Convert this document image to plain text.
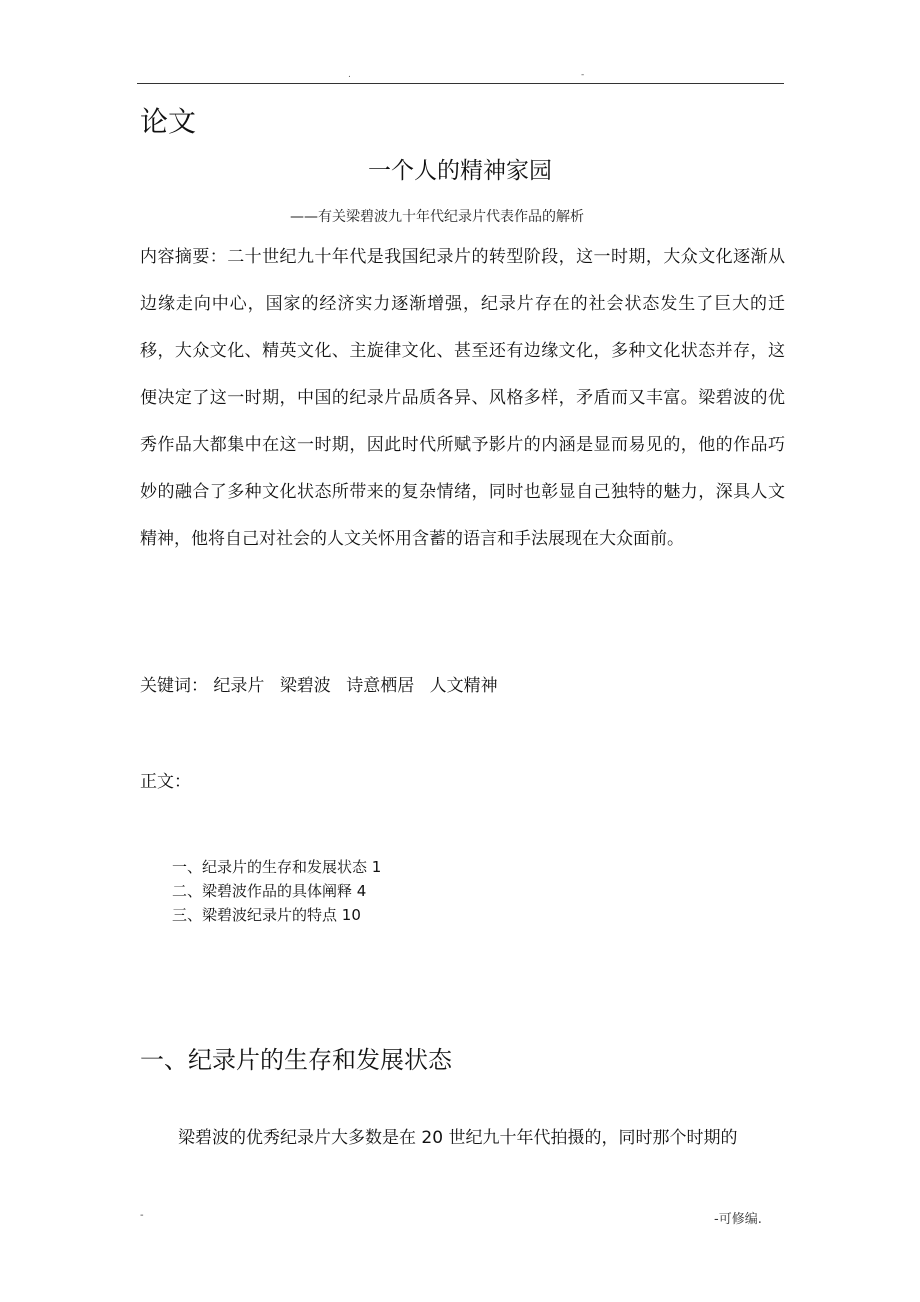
.	-
论文
一个人的精神家园
——有关梁碧波九十年代纪录片代表作品的解析

内容摘要：二十世纪九十年代是我国纪录片的转型阶段，这一时期，大众文化逐渐从边缘走向中心，国家的经济实力逐渐增强，纪录片存在的社会状态发生了巨大的迁移，大众文化、精英文化、主旋律文化、甚至还有边缘文化，多种文化状态并存，这便决定了这一时期，中国的纪录片品质各异、风格多样，矛盾而又丰富。梁碧波的优秀作品大都集中在这一时期，因此时代所赋予影片的内涵是显而易见的，他的作品巧妙的融合了多种文化状态所带来的复杂情绪，同时也彰显自己独特的魅力，深具人文精神，他将自己对社会的人文关怀用含蓄的语言和手法展现在大众面前。

关键词： 纪录片 梁碧波 诗意栖居 人文精神
正文：
一、纪录片的生存和发展状态 1
二、梁碧波作品的具体阐释 4
三、梁碧波纪录片的特点 10
一、纪录片的生存和发展状态
梁碧波的优秀纪录片大多数是在 20 世纪九十年代拍摄的，同时那个时期的
-	-可修编.
